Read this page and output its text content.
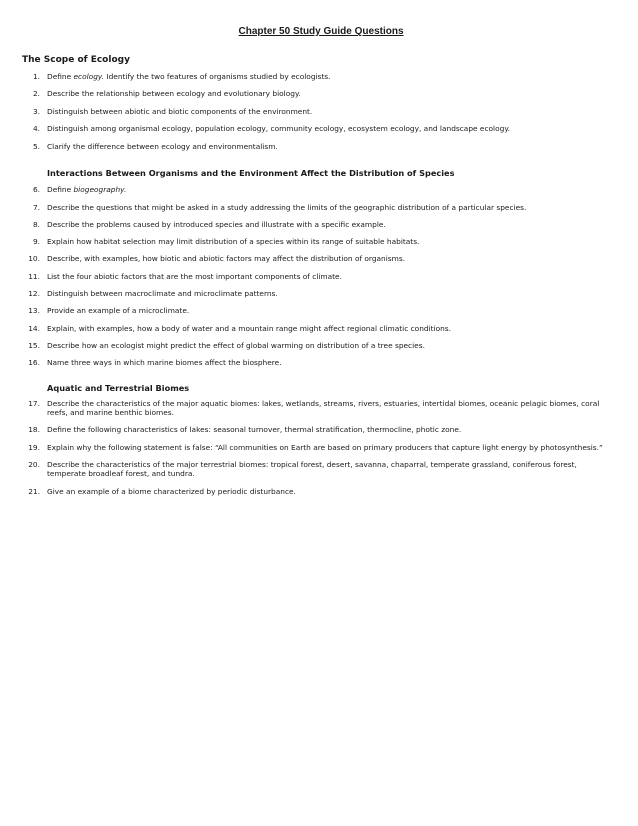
Chapter 50 Study Guide Questions
The Scope of Ecology
1. Define ecology. Identify the two features of organisms studied by ecologists.
2. Describe the relationship between ecology and evolutionary biology.
3. Distinguish between abiotic and biotic components of the environment.
4. Distinguish among organismal ecology, population ecology, community ecology, ecosystem ecology, and landscape ecology.
5. Clarify the difference between ecology and environmentalism.
Interactions Between Organisms and the Environment Affect the Distribution of Species
6. Define biogeography.
7. Describe the questions that might be asked in a study addressing the limits of the geographic distribution of a particular species.
8. Describe the problems caused by introduced species and illustrate with a specific example.
9. Explain how habitat selection may limit distribution of a species within its range of suitable habitats.
10. Describe, with examples, how biotic and abiotic factors may affect the distribution of organisms.
11. List the four abiotic factors that are the most important components of climate.
12. Distinguish between macroclimate and microclimate patterns.
13. Provide an example of a microclimate.
14. Explain, with examples, how a body of water and a mountain range might affect regional climatic conditions.
15. Describe how an ecologist might predict the effect of global warming on distribution of a tree species.
16. Name three ways in which marine biomes affect the biosphere.
Aquatic and Terrestrial Biomes
17. Describe the characteristics of the major aquatic biomes: lakes, wetlands, streams, rivers, estuaries, intertidal biomes, oceanic pelagic biomes, coral reefs, and marine benthic biomes.
18. Define the following characteristics of lakes: seasonal turnover, thermal stratification, thermocline, photic zone.
19. Explain why the following statement is false: “All communities on Earth are based on primary producers that capture light energy by photosynthesis.”
20. Describe the characteristics of the major terrestrial biomes: tropical forest, desert, savanna, chaparral, temperate grassland, coniferous forest, temperate broadleaf forest, and tundra.
21. Give an example of a biome characterized by periodic disturbance.
